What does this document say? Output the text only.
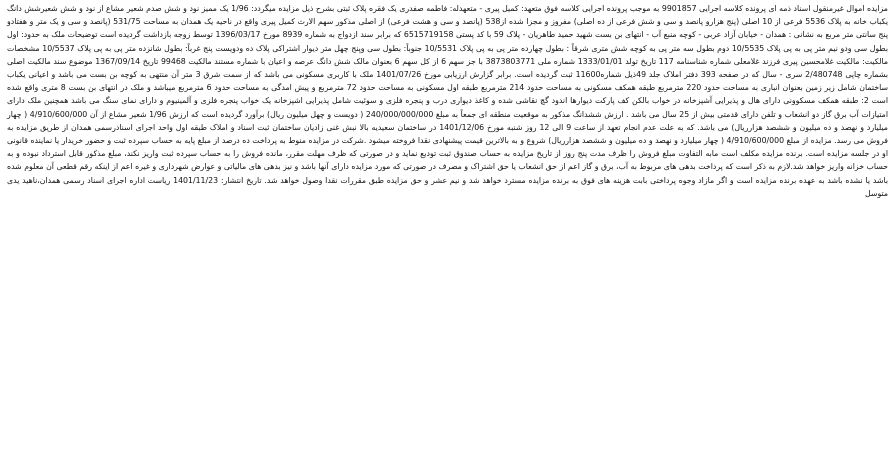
مزایده اموال غیرمنقول اسناد ذمه ای پرونده کلاسه اجرایی 9901857 به موجب پرونده اجرایی کلاسه فوق متعهد: کمیل پیری - متعهدله: فاطمه صفدری یک فقره پلاک ثبتی بشرح ذیل مزایده میگردد: 1/96 یک ممیز نود و شش صدم شعیر مشاع از نود و شش شعیرشش دانگ یکباب خانه به پلاک 5536 فرعی از 10 اصلی (پنج هزارو پانصد و سی و شش فرعی از ده اصلی) مفروز و مجزا شده از538 (پانصد و سی و هشت فرعی) از اصلی مذکور سهم الارث کمیل پیری واقع در ناحیه یک همدان به مساحت 531/75 (پانصد و سی و یک متر و هفتادو پنج سانتی متر مربع به نشانی : همدان - خیابان آزاد عربی - کوچه منبع آب - انتهای بن بست شهید حمید طاهریان - پلاک 59 با کد پستی 6515719158 که برابر سند ازدواج به شماره 8939 مورخ 1396/03/17 توسط زوجه بازداشت گردیده است توضیحات ملک به حدود: اول بطول سی ودو نیم متر پی به پی پلاک 10/5535 دوم بطول سه متر پی به کوچه شش متری شرقاً : بطول چهارده متر پی به پی پلاک 10/5531 جنوباً: بطول سی وپنج چهل متر دیوار اشتراکی پلاک ده ودویست پنج غرباً: بطول شانزده متر پی به پی پلاک 10/5537 مشخصات مالکیت: مالکیت غلامحسین پیری فرزند غلامعلی شماره شناسنامه 117 تاریخ تولد 1333/01/01 شماره ملی 3873803771 با جز سهم 6 از کل سهم 6 بعنوان مالک شش دانگ عرصه و اعیان با شماره مستند مالکیت 99468 تاریخ 1367/09/14 موضوع سند مالکیت اصلی بشماره چاپی 2/480748 سری - سال که در صفحه 393 دفتر املاک جلد 49ذیل شماره11600 ثبت گردیده است. برابر گزارش ارزیابی مورخ 1401/07/26 ملک با کاربری مسکونی می باشد که از سمت شرق 3 متر آن منتهی به کوچه بن بست می باشد و اعیانی یکباب ساختمان شامل زیر زمین بعنوان انباری به مساحت حدود 220 مترمربع طبقه همکف مسکونی به مساحت حدود 214 مترمربع طبقه اول مسکونی به مساحت حدود 72 مترمربع و پیش امدگی به مساحت حدود 6 مترمربع میباشد و ملک در انتهای بن بست 8 متری واقع شده است 2: طبقه همکف مسکوونی دارای هال و پذیرایی آشپزخانه در خواب بالکن کف پارکت دیوارها اندود گچ نقاشی شده و کاغذ دیواری درب و پنجره فلزی و سوئیت شامل پذیرایی اشپزخانه یک خواب پنجره فلزی و آلمینیوم و دارای نمای سنگ می باشد همچنین ملک دارای امتیازات آب برق گاز دو انشعاب و تلفن دارای قدمتی بیش از 25 سال می باشد . ارزش ششدانگ مذکور به موقعیت منطقه ای جمعاً به مبلغ 240/000/000/000 ( دویست و چهل میلیون ریال) برآورد گردیده است که ارزش 1/96 شعیر مشاع از آن 4/910/600/000 ( چهار میلیارد و نهصد و ده میلیون و ششصد هزارریال) می باشد. که به علت عدم انجام تعهد از ساعت 9 الی 12 روز شنبه مورخ 1401/12/06 در ساختمان سعیدیه بالا نبش غنی زادیان ساختمان ثبت اسناد و املاک طبقه اول واحد اجرای اسنادرسمی همدان از طریق مزایده به فروش می رسد. مزایده از مبلغ 4/910/600/000 ( چهار میلیارد و نهصد و ده میلیون و ششصد هزارریال) شروع و به بالاترین قیمت پیشنهادی نقدا فروخته میشود .شرکت در مزایده منوط به پرداخت ده درصد از مبلغ پایه به حساب سپرده ثبت و حضور خریدار یا نماینده قانونی او در جلسه مزایده است. برنده مزایده مکلف است مابه التفاوت مبلغ فروش را ظرف مدت پنج روز از تاریخ مزایده به حساب صندوق ثبت تودیع نماید و در صورتی که ظرف مهلت مقرر، مانده فروش را به حساب سپرده ثبت واریز نکند، مبلغ مذکور قابل استرداد نبوده و به حساب خزانه واریز خواهد شد.لازم به ذکر است که پرداخت بدهی های مربوط به آب، برق و گاز اعم از حق انشعاب یا حق اشتراک و مصرف در صورتی که مورد مزایده دارای آنها باشد و نیز بدهی های مالیاتی و عوارض شهرداری و غیره اعم از اینکه رقم قطعی آن معلوم شده باشد یا نشده باشد به عهده برنده مزایده است و اگر مازاد وجوه پرداختی بابت هزینه های فوق به برنده مزایده مسترد خواهد شد و نیم عشر و حق مزایده طبق مقررات نقدا وصول خواهد شد. تاریخ انتشار: 1401/11/23 ریاست اداره اجرای اسناد رسمی همدان،ناهید یدی متوسل
